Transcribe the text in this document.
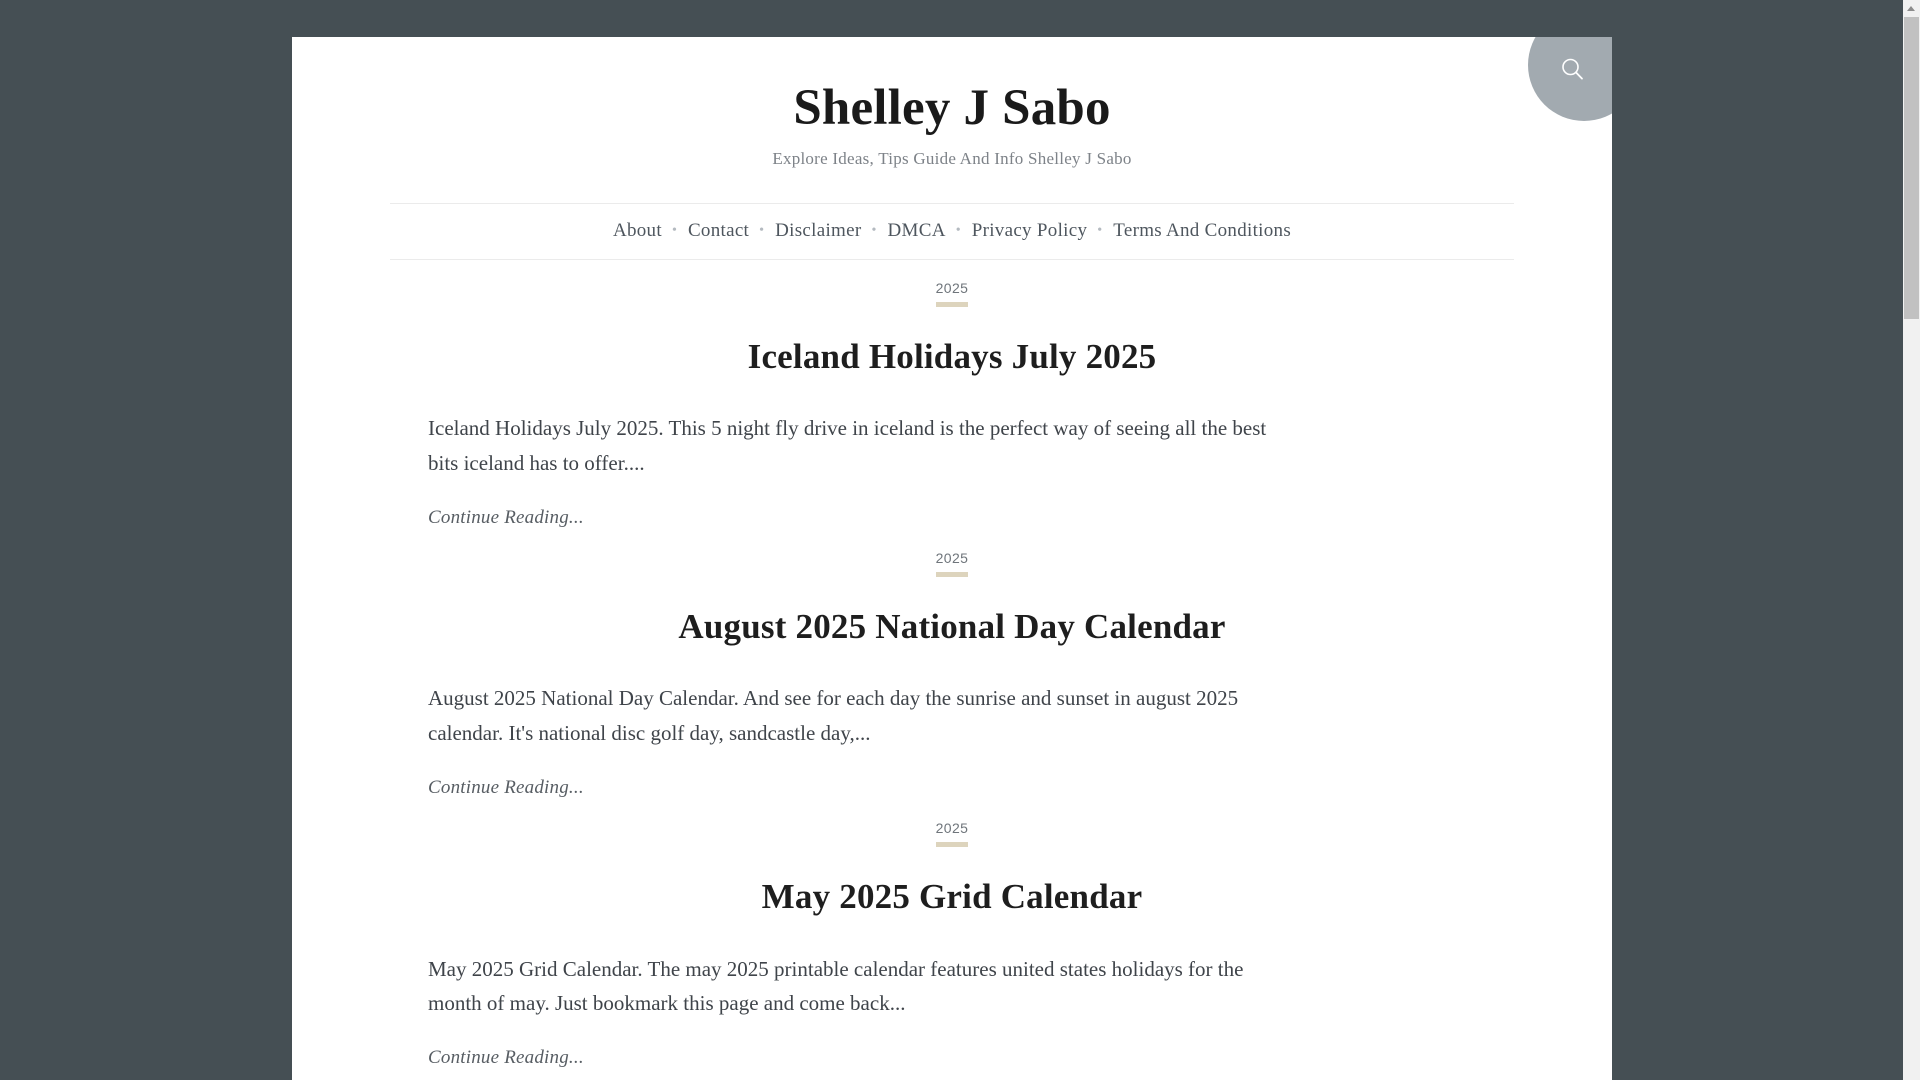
Shelley J Sabo
Explore Ideas, Tips Guide And Info Shelley J Sabo
About • Contact • Disclaimer • DMCA • Privacy Policy • Terms And Conditions
2025
Iceland Holidays July 2025

Iceland Holidays July 2025. This 5 night fly drive in iceland is the perfect way of seeing all the best bits iceland has to offer....

Continue Reading...
2025
August 2025 National Day Calendar

August 2025 National Day Calendar. And see for each day the sunrise and sunset in august 2025 calendar. It's national disc golf day, sandcastle day,...

Continue Reading...
2025
May 2025 Grid Calendar

May 2025 Grid Calendar. The may 2025 printable calendar features united states holidays for the month of may. Just bookmark this page and come back...

Continue Reading...
